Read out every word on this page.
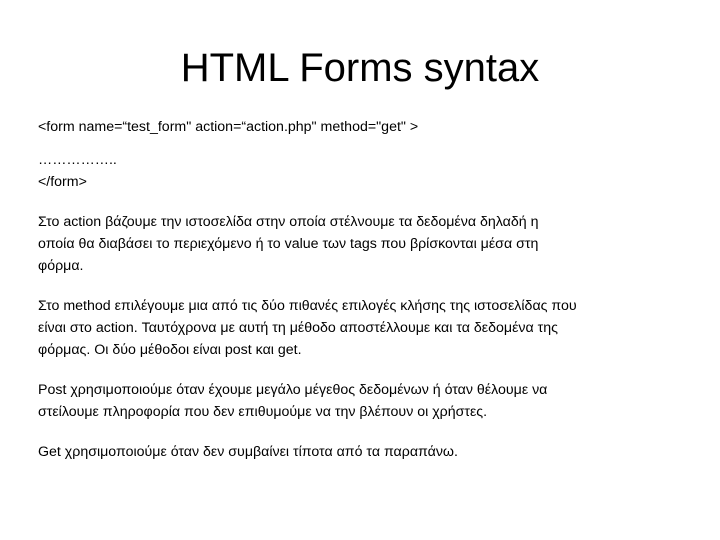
HTML Forms syntax
<form name=“test_form" action=“action.php" method="get" >
……………..
</form>
Στο action βάζουμε την ιστοσελίδα στην οποία στέλνουμε τα δεδομένα δηλαδή η
οποία θα διαβάσει το περιεχόμενο ή το value των tags που βρίσκονται μέσα στη
φόρμα.
Στο method επιλέγουμε μια από τις δύο πιθανές επιλογές κλήσης της ιστοσελίδας που
είναι στο action. Ταυτόχρονα με αυτή τη μέθοδο αποστέλλουμε και τα δεδομένα της
φόρμας. Οι δύο μέθοδοι είναι post και get.
Post χρησιμοποιούμε όταν έχουμε μεγάλο μέγεθος δεδομένων ή όταν θέλουμε να
στείλουμε πληροφορία που δεν επιθυμούμε να την βλέπουν οι χρήστες.
Get χρησιμοποιούμε όταν δεν συμβαίνει τίποτα από τα παραπάνω.
